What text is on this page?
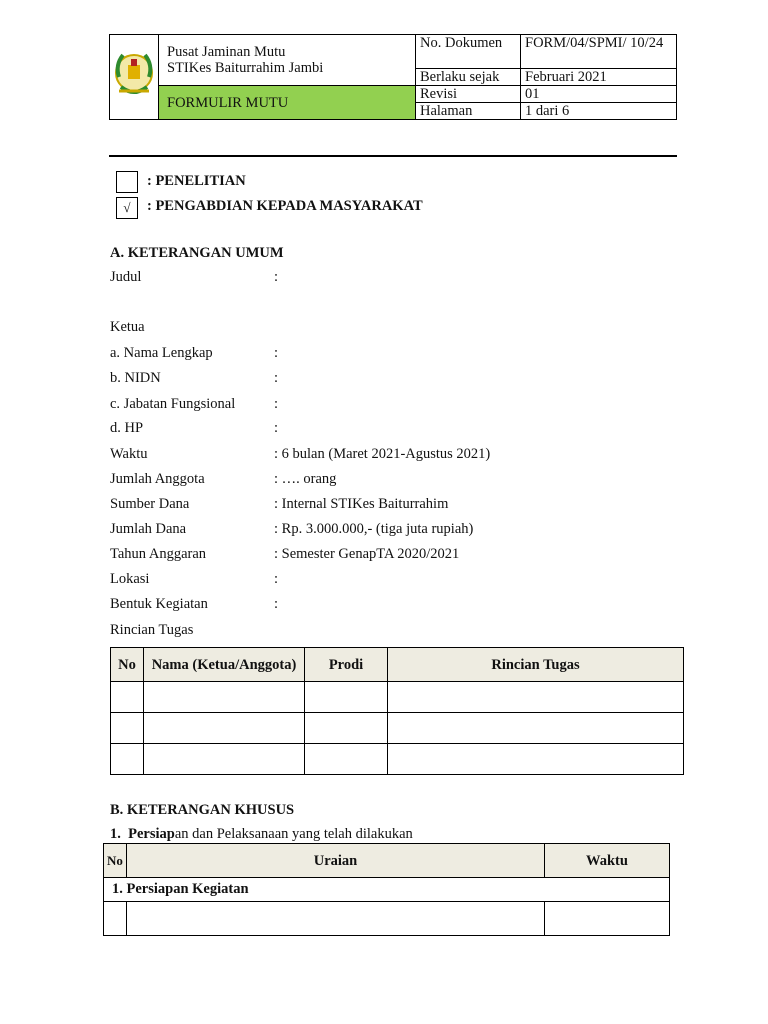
Pusat Jaminan Mutu
STIKes Baiturrahim Jambi	No. Dokumen	FORM/04/SPMI/ 10/24
		Berlaku sejak	Februari 2021
	FORMULIR MUTU	Revisi	01
		Halaman	1 dari 6
: PENELITIAN
√	: PENGABDIAN KEPADA MASYARAKAT
A. KETERANGAN UMUM
Judul	:
Ketua
a. Nama Lengkap	:
b. NIDN	:
c. Jabatan Fungsional	:
d. HP	:
Waktu	: 6 bulan (Maret 2021-Agustus 2021)
Jumlah Anggota	: …. orang
Sumber Dana	: Internal STIKes Baiturrahim
Jumlah Dana	: Rp. 3.000.000,- (tiga juta rupiah)
Tahun Anggaran	: Semester GenapTA 2020/2021
Lokasi	:
Bentuk Kegiatan	:
Rincian Tugas
No	Nama (Ketua/Anggota)	Prodi	Rincian Tugas

B. KETERANGAN KHUSUS
1. Persiapan dan Pelaksanaan yang telah dilakukan
No	Uraian	Waktu
1. Persiapan Kegiatan		
